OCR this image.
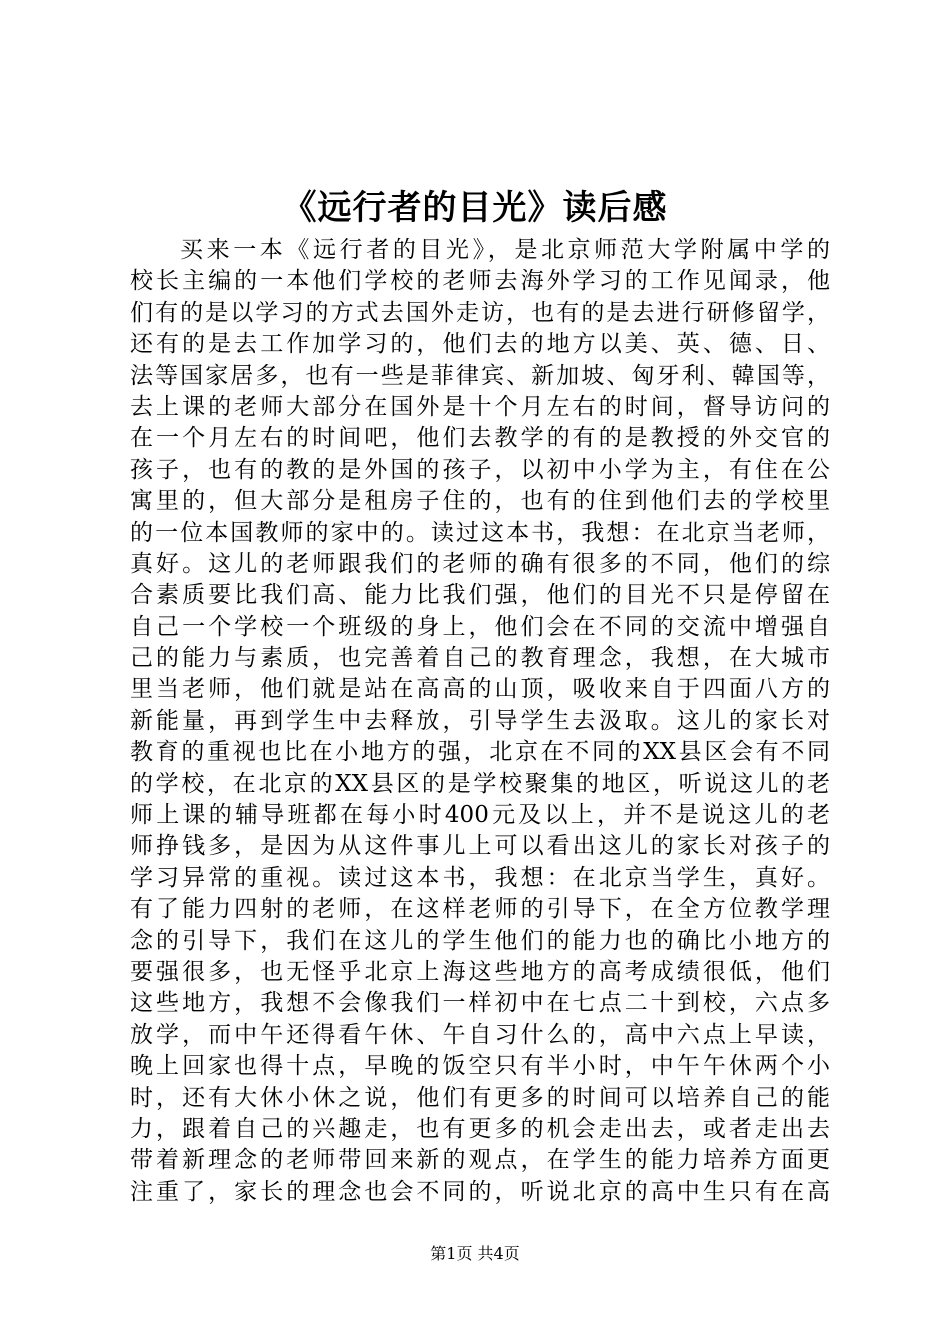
《远行者的目光》读后感
买来一本《远行者的目光》，是北京师范大学附属中学的
校长主编的一本他们学校的老师去海外学习的工作见闻录，他
们有的是以学习的方式去国外走访，也有的是去进行研修留学，
还有的是去工作加学习的，他们去的地方以美、英、德、日、
法等国家居多，也有一些是菲律宾、新加坡、匈牙利、韓国等，
去上课的老师大部分在国外是十个月左右的时间，督导访问的
在一个月左右的时间吧，他们去教学的有的是教授的外交官的
孩子，也有的教的是外国的孩子，以初中小学为主，有住在公
寓里的，但大部分是租房子住的，也有的住到他们去的学校里
的一位本国教师的家中的。读过这本书，我想：在北京当老师，
真好。这儿的老师跟我们的老师的确有很多的不同，他们的综
合素质要比我们高、能力比我们强，他们的目光不只是停留在
自己一个学校一个班级的身上，他们会在不同的交流中增强自
己的能力与素质，也完善着自己的教育理念，我想，在大城市
里当老师，他们就是站在高高的山顶，吸收来自于四面八方的
新能量，再到学生中去释放，引导学生去汲取。这儿的家长对
教育的重视也比在小地方的强，北京在不同的XX县区会有不同
的学校，在北京的XX县区的是学校聚集的地区，听说这儿的老
师上课的辅导班都在每小时400元及以上，并不是说这儿的老
师挣钱多，是因为从这件事儿上可以看出这儿的家长对孩子的
学习异常的重视。读过这本书，我想：在北京当学生，真好。
有了能力四射的老师，在这样老师的引导下，在全方位教学理
念的引导下，我们在这儿的学生他们的能力也的确比小地方的
要强很多，也无怪乎北京上海这些地方的高考成绩很低，他们
这些地方，我想不会像我们一样初中在七点二十到校，六点多
放学，而中午还得看午休、午自习什么的，高中六点上早读，
晚上回家也得十点，早晚的饭空只有半小时，中午午休两个小
时，还有大休小休之说，他们有更多的时间可以培养自己的能
力，跟着自己的兴趣走，也有更多的机会走出去，或者走出去
带着新理念的老师带回来新的观点，在学生的能力培养方面更
注重了，家长的理念也会不同的，听说北京的高中生只有在高
第1页 共4页
